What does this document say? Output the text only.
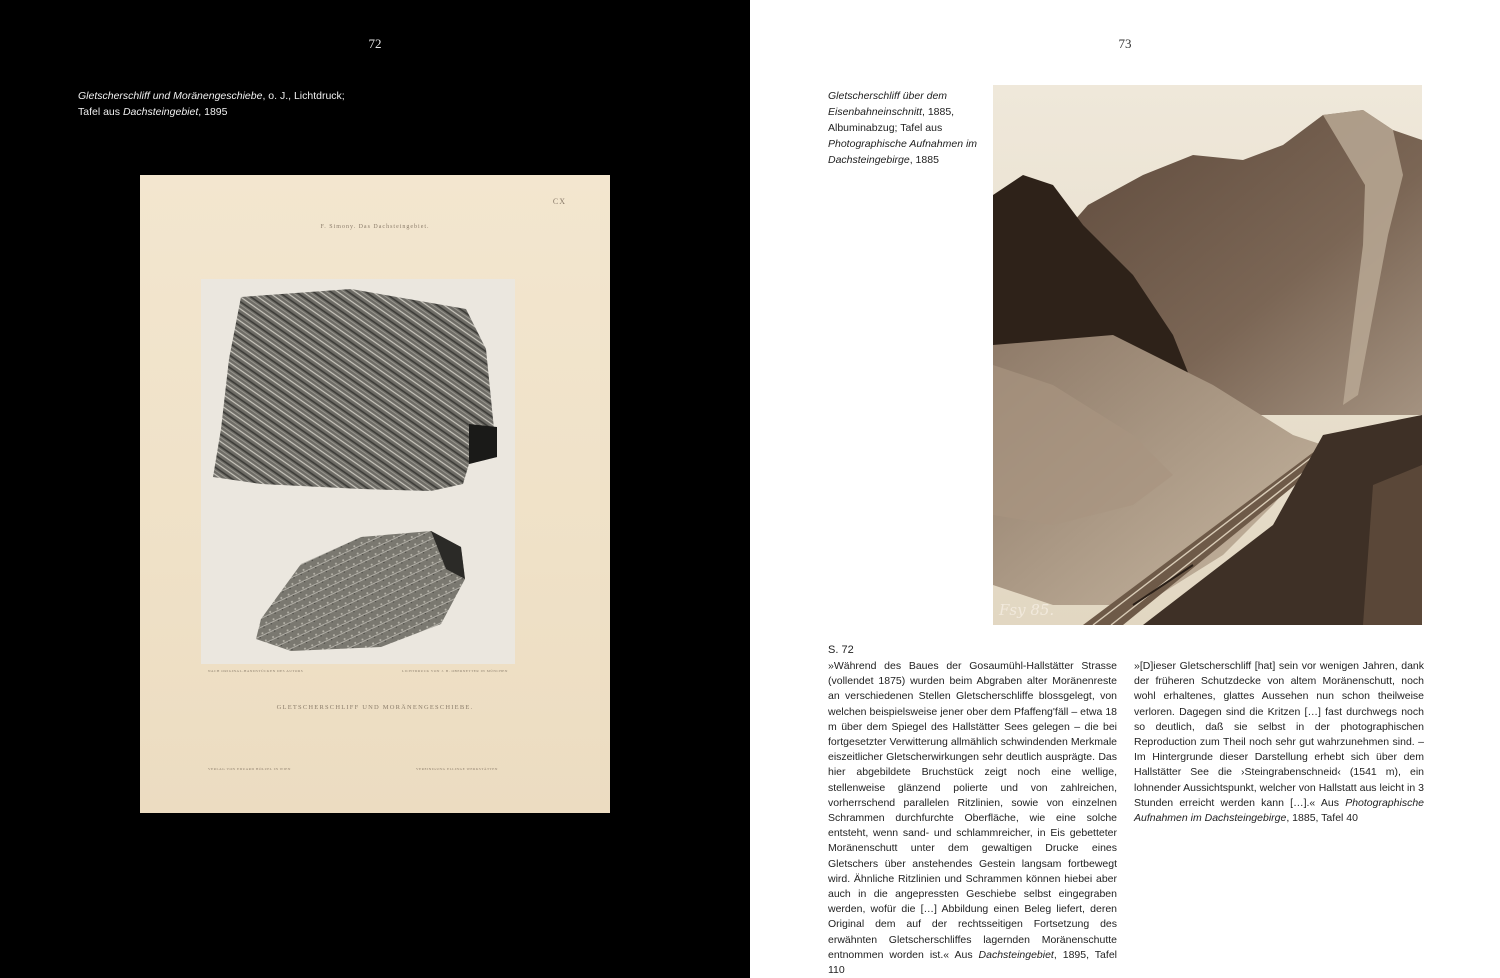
72
Gletscherschliff und Moränengeschiebe, o. J., Lichtdruck;
Tafel aus Dachsteingebiet, 1895
CX
F. Simony. Das Dachsteingebiet.
NACH ORIGINAL-HANDSTÜCKEN DES AUTORS	LICHTDRUCK VON J. B. OBERNETTER IN MÜNCHEN
GLETSCHERSCHLIFF UND MORÄNENGESCHIEBE.
VERLAG VON EDUARD HÖLZEL IN WIEN	VEREINIGUNG ELLINGE WERKSTÄTTEN
73
Gletscherschliff über dem Eisenbahneinschnitt, 1885, Albuminabzug; Tafel aus Photographische Aufnahmen im Dachsteingebirge, 1885
Fsy 85.
S. 72
»Während des Baues der Gosaumühl-Hallstätter Strasse (vollendet 1875) wurden beim Abgraben alter Moränenreste an verschiedenen Stellen Gletscherschliffe blossgelegt, von welchen beispielsweise jener ober dem Pfaffeng'fäll – etwa 18 m über dem Spiegel des Hallstätter Sees gelegen – die bei fortgesetzter Verwitterung allmählich schwindenden Merkmale eiszeitlicher Gletscherwirkungen sehr deutlich ausprägte. Das hier abgebildete Bruchstück zeigt noch eine wellige, stellenweise glänzend polierte und von zahlreichen, vorherrschend parallelen Ritzlinien, sowie von einzelnen Schrammen durchfurchte Oberfläche, wie eine solche entsteht, wenn sand- und schlammreicher, in Eis gebetteter Moränenschutt unter dem gewaltigen Drucke eines Gletschers über anstehendes Gestein langsam fortbewegt wird. Ähnliche Ritzlinien und Schrammen können hiebei aber auch in die angepressten Geschiebe selbst eingegraben werden, wofür die […] Abbildung einen Beleg liefert, deren Original dem auf der rechtsseitigen Fortsetzung des erwähnten Gletscherschliffes lagernden Moränenschutte entnommen worden ist.« Aus Dachsteingebiet, 1895, Tafel 110
»[D]ieser Gletscherschliff [hat] sein vor wenigen Jahren, dank der früheren Schutzdecke von altem Moränenschutt, noch wohl erhaltenes, glattes Aussehen nun schon theilweise verloren. Dagegen sind die Kritzen […] fast durchwegs noch so deutlich, daß sie selbst in der photographischen Reproduction zum Theil noch sehr gut wahrzunehmen sind. – Im Hintergrunde dieser Darstellung erhebt sich über dem Hallstätter See die ›Steingrabenschneid‹ (1541 m), ein lohnender Aussichtspunkt, welcher von Hallstatt aus leicht in 3 Stunden erreicht werden kann […].« Aus Photographische Aufnahmen im Dachsteingebirge, 1885, Tafel 40
